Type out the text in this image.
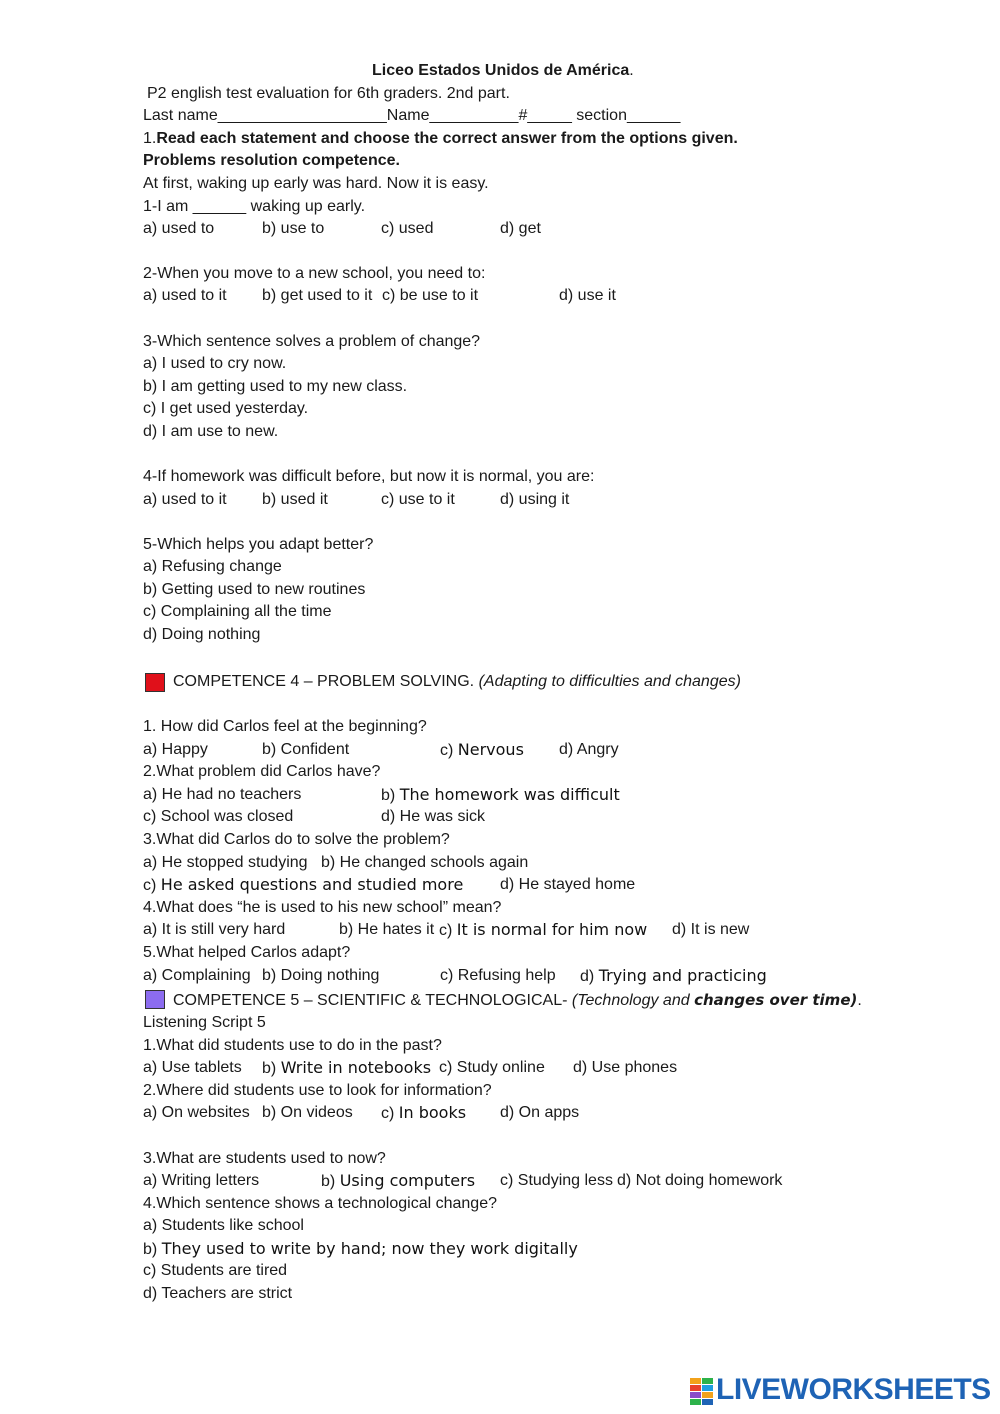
Liceo Estados Unidos de América.
P2 english test evaluation for 6th graders. 2nd part.
Last name___________________Name__________#_____ section______
1.Read each statement and choose the correct answer from the options given.
Problems resolution competence.
At first, waking up early was hard. Now it is easy.
1-I am ______ waking up early.
a) used to	b) use to	c) used	d) get
2-When you move to a new school, you need to:
a) used to it b) get used to it c) be use to it	d) use it
3-Which sentence solves a problem of change?
a) I used to cry now.
b) I am getting used to my new class.
c) I get used yesterday.
d) I am use to new.
4-If homework was difficult before, but now it is normal, you are:
a) used to it b) used it	c) use to it	d) using it
5-Which helps you adapt better?
a) Refusing change
b) Getting used to new routines
c) Complaining all the time
d) Doing nothing
COMPETENCE 4 – PROBLEM SOLVING. (Adapting to difficulties and changes)
1. How did Carlos feel at the beginning?
a) Happy	b) Confident	c) Nervous d) Angry
2.What problem did Carlos have?
a) He had no teachers	b) The homework was difficult
c) School was closed	d) He was sick
3.What did Carlos do to solve the problem?
a) He stopped studying b) He changed schools again
c) He asked questions and studied more d) He stayed home
4.What does “he is used to his new school” mean?
a) It is still very hard	b) He hates it c) It is normal for him now d) It is new
5.What helped Carlos adapt?
a) Complaining b) Doing nothing	c) Refusing help d) Trying and practicing
COMPETENCE 5 – SCIENTIFIC & TECHNOLOGICAL- (Technology and changes over time).
Listening Script 5
1.What did students use to do in the past?
a) Use tablets b) Write in notebooks c) Study online d) Use phones
2.Where did students use to look for information?
a) On websites b) On videos c) In books d) On apps
3.What are students used to now?
a) Writing letters	b) Using computers c) Studying less d) Not doing homework
4.Which sentence shows a technological change?
a) Students like school
b) They used to write by hand; now they work digitally
c) Students are tired
d) Teachers are strict
LIVEWORKSHEETS
